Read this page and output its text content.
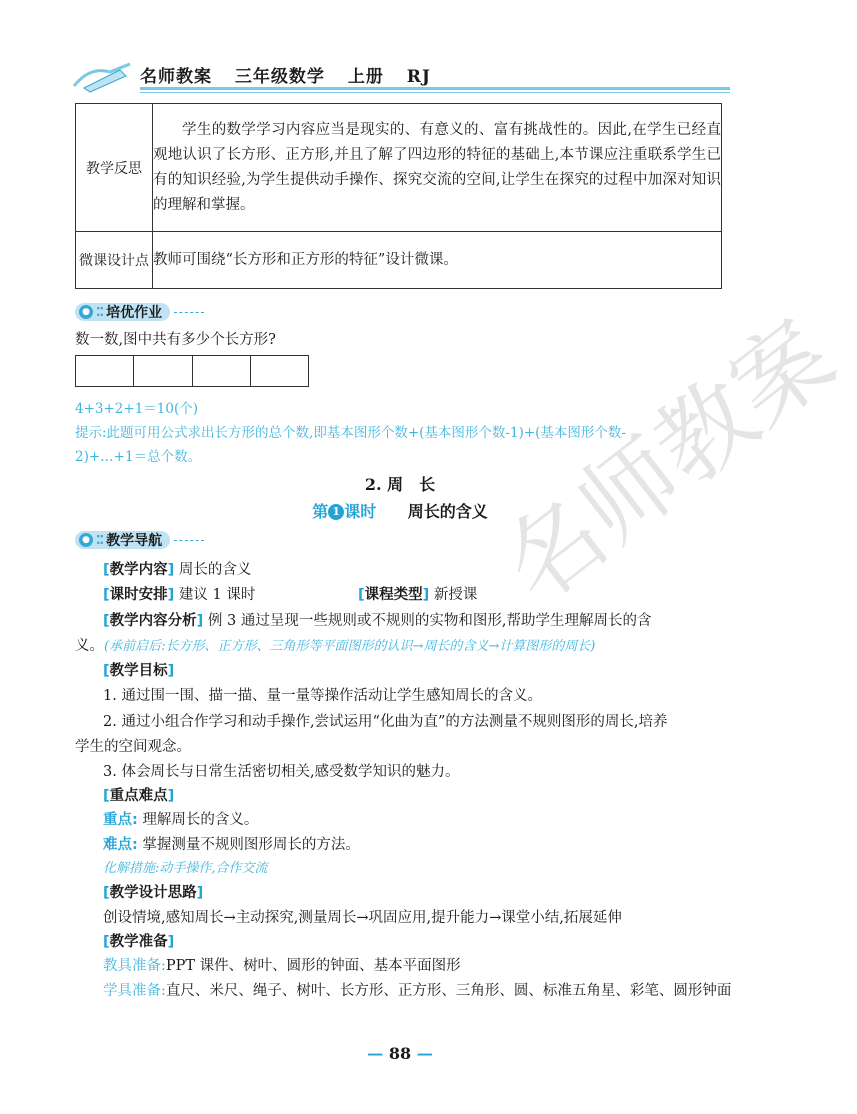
名师教案 三年级数学 上册 RJ
教学反思	学生的数学学习内容应当是现实的、有意义的、富有挑战性的。因此,在学生已经直观地认识了长方形、正方形,并且了解了四边形的特征的基础上,本节课应注重联系学生已有的知识经验,为学生提供动手操作、探究交流的空间,让学生在探究的过程中加深对知识的理解和掌握。

微课设计点	教师可围绕“长方形和正方形的特征”设计微课。
● ⁚⁚ 培优作业
数一数,图中共有多少个长方形?
4+3+2+1＝10(个)
提示:此题可用公式求出长方形的总个数,即基本图形个数+(基本图形个数-1)+(基本图形个数-
2)+…+1＝总个数。
2. 周　长
第 1 课时 周长的含义
● ⁚⁚ 教学导航
[教学内容] 周长的含义
[课时安排] 建议 1 课时	[课程类型] 新授课
[教学内容分析] 例 3 通过呈现一些规则或不规则的实物和图形,帮助学生理解周长的含
义。(承前启后:长方形、正方形、三角形等平面图形的认识→周长的含义→计算图形的周长)
[教学目标]
1. 通过围一围、描一描、量一量等操作活动让学生感知周长的含义。
2. 通过小组合作学习和动手操作,尝试运用“化曲为直”的方法测量不规则图形的周长,培养
学生的空间观念。
3. 体会周长与日常生活密切相关,感受数学知识的魅力。
[重点难点]
重点: 理解周长的含义。
难点: 掌握测量不规则图形周长的方法。
化解措施:动手操作,合作交流
[教学设计思路]
创设情境,感知周长→主动探究,测量周长→巩固应用,提升能力→课堂小结,拓展延伸
[教学准备]
教具准备:PPT 课件、树叶、圆形的钟面、基本平面图形
学具准备:直尺、米尺、绳子、树叶、长方形、正方形、三角形、圆、标准五角星、彩笔、圆形钟面
名师教案
— 88 —
